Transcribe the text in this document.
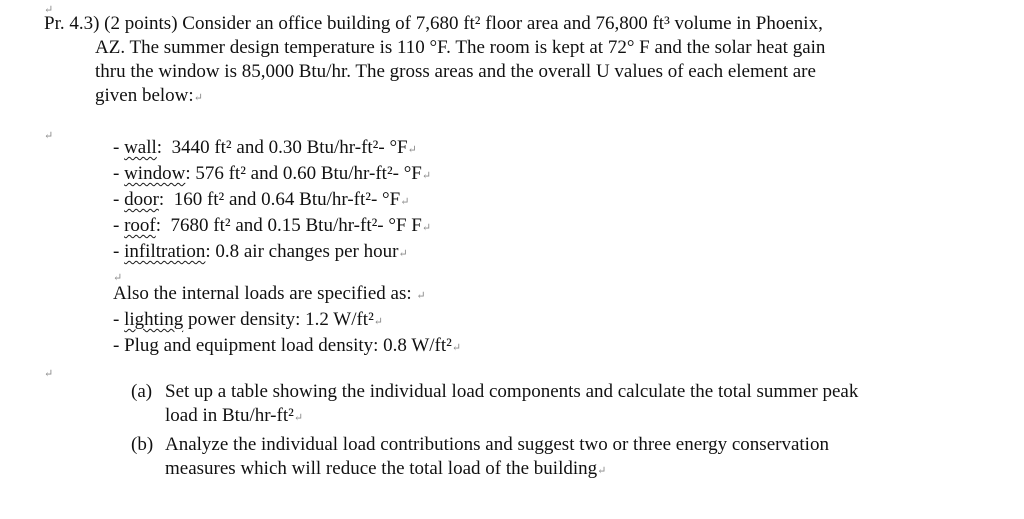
↵
Pr. 4.3) (2 points) Consider an office building of 7,680 ft² floor area and 76,800 ft³ volume in Phoenix,
AZ. The summer design temperature is 110 °F. The room is kept at 72° F and the solar heat gain
thru the window is 85,000 Btu/hr. The gross areas and the overall U values of each element are
given below:↵
↵
- wall:  3440 ft² and 0.30 Btu/hr-ft²- °F↵
- window: 576 ft² and 0.60 Btu/hr-ft²- °F↵
- door:  160 ft² and 0.64 Btu/hr-ft²- °F↵
- roof:  7680 ft² and 0.15 Btu/hr-ft²- °F F↵
- infiltration: 0.8 air changes per hour↵
↵
Also the internal loads are specified as: ↵
- lighting power density: 1.2 W/ft²↵
- Plug and equipment load density: 0.8 W/ft²↵
↵
(a) Set up a table showing the individual load components and calculate the total summer peak
load in Btu/hr-ft²↵
(b) Analyze the individual load contributions and suggest two or three energy conservation
measures which will reduce the total load of the building↵
